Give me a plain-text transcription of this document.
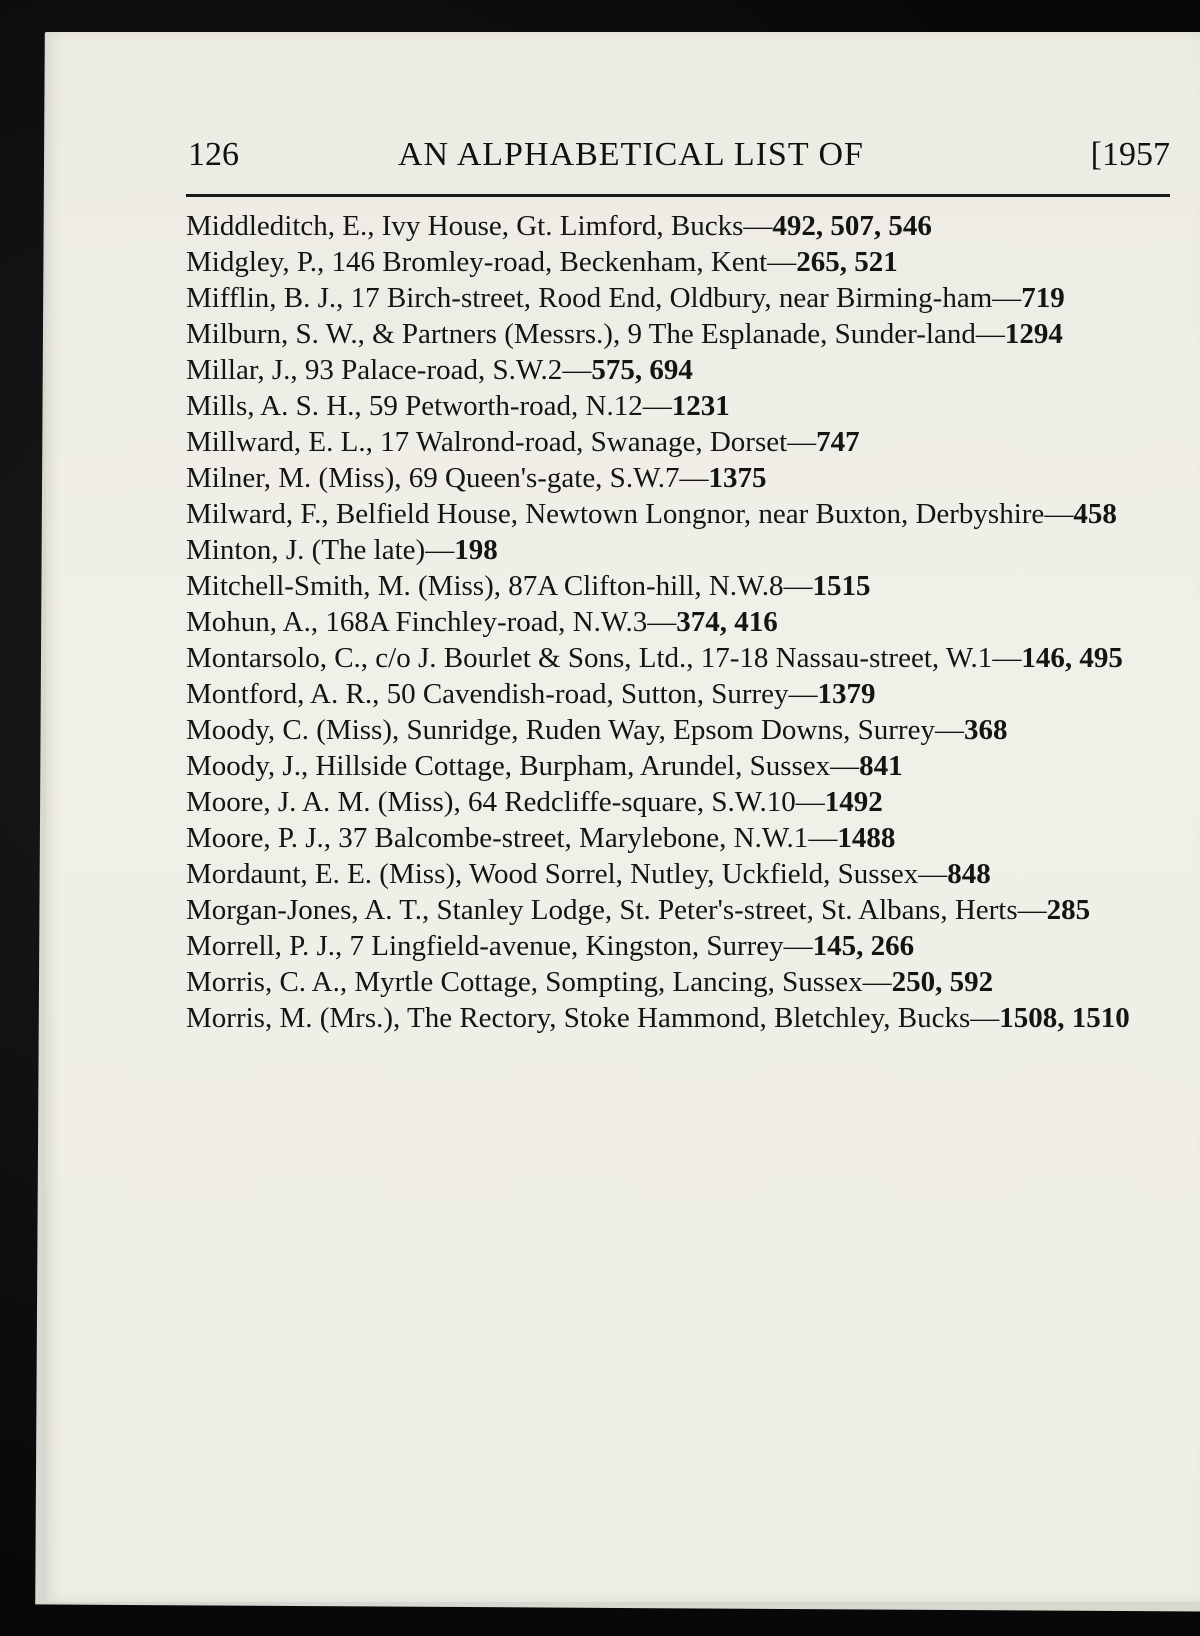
126	AN ALPHABETICAL LIST OF	[1957

Middleditch, E., Ivy House, Gt. Limford, Bucks—492, 507, 546

Midgley, P., 146 Bromley-road, Beckenham, Kent—265, 521

Mifflin, B. J., 17 Birch-street, Rood End, Oldbury, near Birming-ham—719

Milburn, S. W., & Partners (Messrs.), 9 The Esplanade, Sunder-land—1294

Millar, J., 93 Palace-road, S.W.2—575, 694

Mills, A. S. H., 59 Petworth-road, N.12—1231

Millward, E. L., 17 Walrond-road, Swanage, Dorset—747

Milner, M. (Miss), 69 Queen's-gate, S.W.7—1375

Milward, F., Belfield House, Newtown Longnor, near Buxton, Derbyshire—458

Minton, J. (The late)—198

Mitchell-Smith, M. (Miss), 87A Clifton-hill, N.W.8—1515

Mohun, A., 168A Finchley-road, N.W.3—374, 416

Montarsolo, C., c/o J. Bourlet & Sons, Ltd., 17-18 Nassau-street, W.1—146, 495

Montford, A. R., 50 Cavendish-road, Sutton, Surrey—1379

Moody, C. (Miss), Sunridge, Ruden Way, Epsom Downs, Surrey—368

Moody, J., Hillside Cottage, Burpham, Arundel, Sussex—841

Moore, J. A. M. (Miss), 64 Redcliffe-square, S.W.10—1492

Moore, P. J., 37 Balcombe-street, Marylebone, N.W.1—1488

Mordaunt, E. E. (Miss), Wood Sorrel, Nutley, Uckfield, Sussex—848

Morgan-Jones, A. T., Stanley Lodge, St. Peter's-street, St. Albans, Herts—285

Morrell, P. J., 7 Lingfield-avenue, Kingston, Surrey—145, 266

Morris, C. A., Myrtle Cottage, Sompting, Lancing, Sussex—250, 592

Morris, M. (Mrs.), The Rectory, Stoke Hammond, Bletchley, Bucks—1508, 1510
